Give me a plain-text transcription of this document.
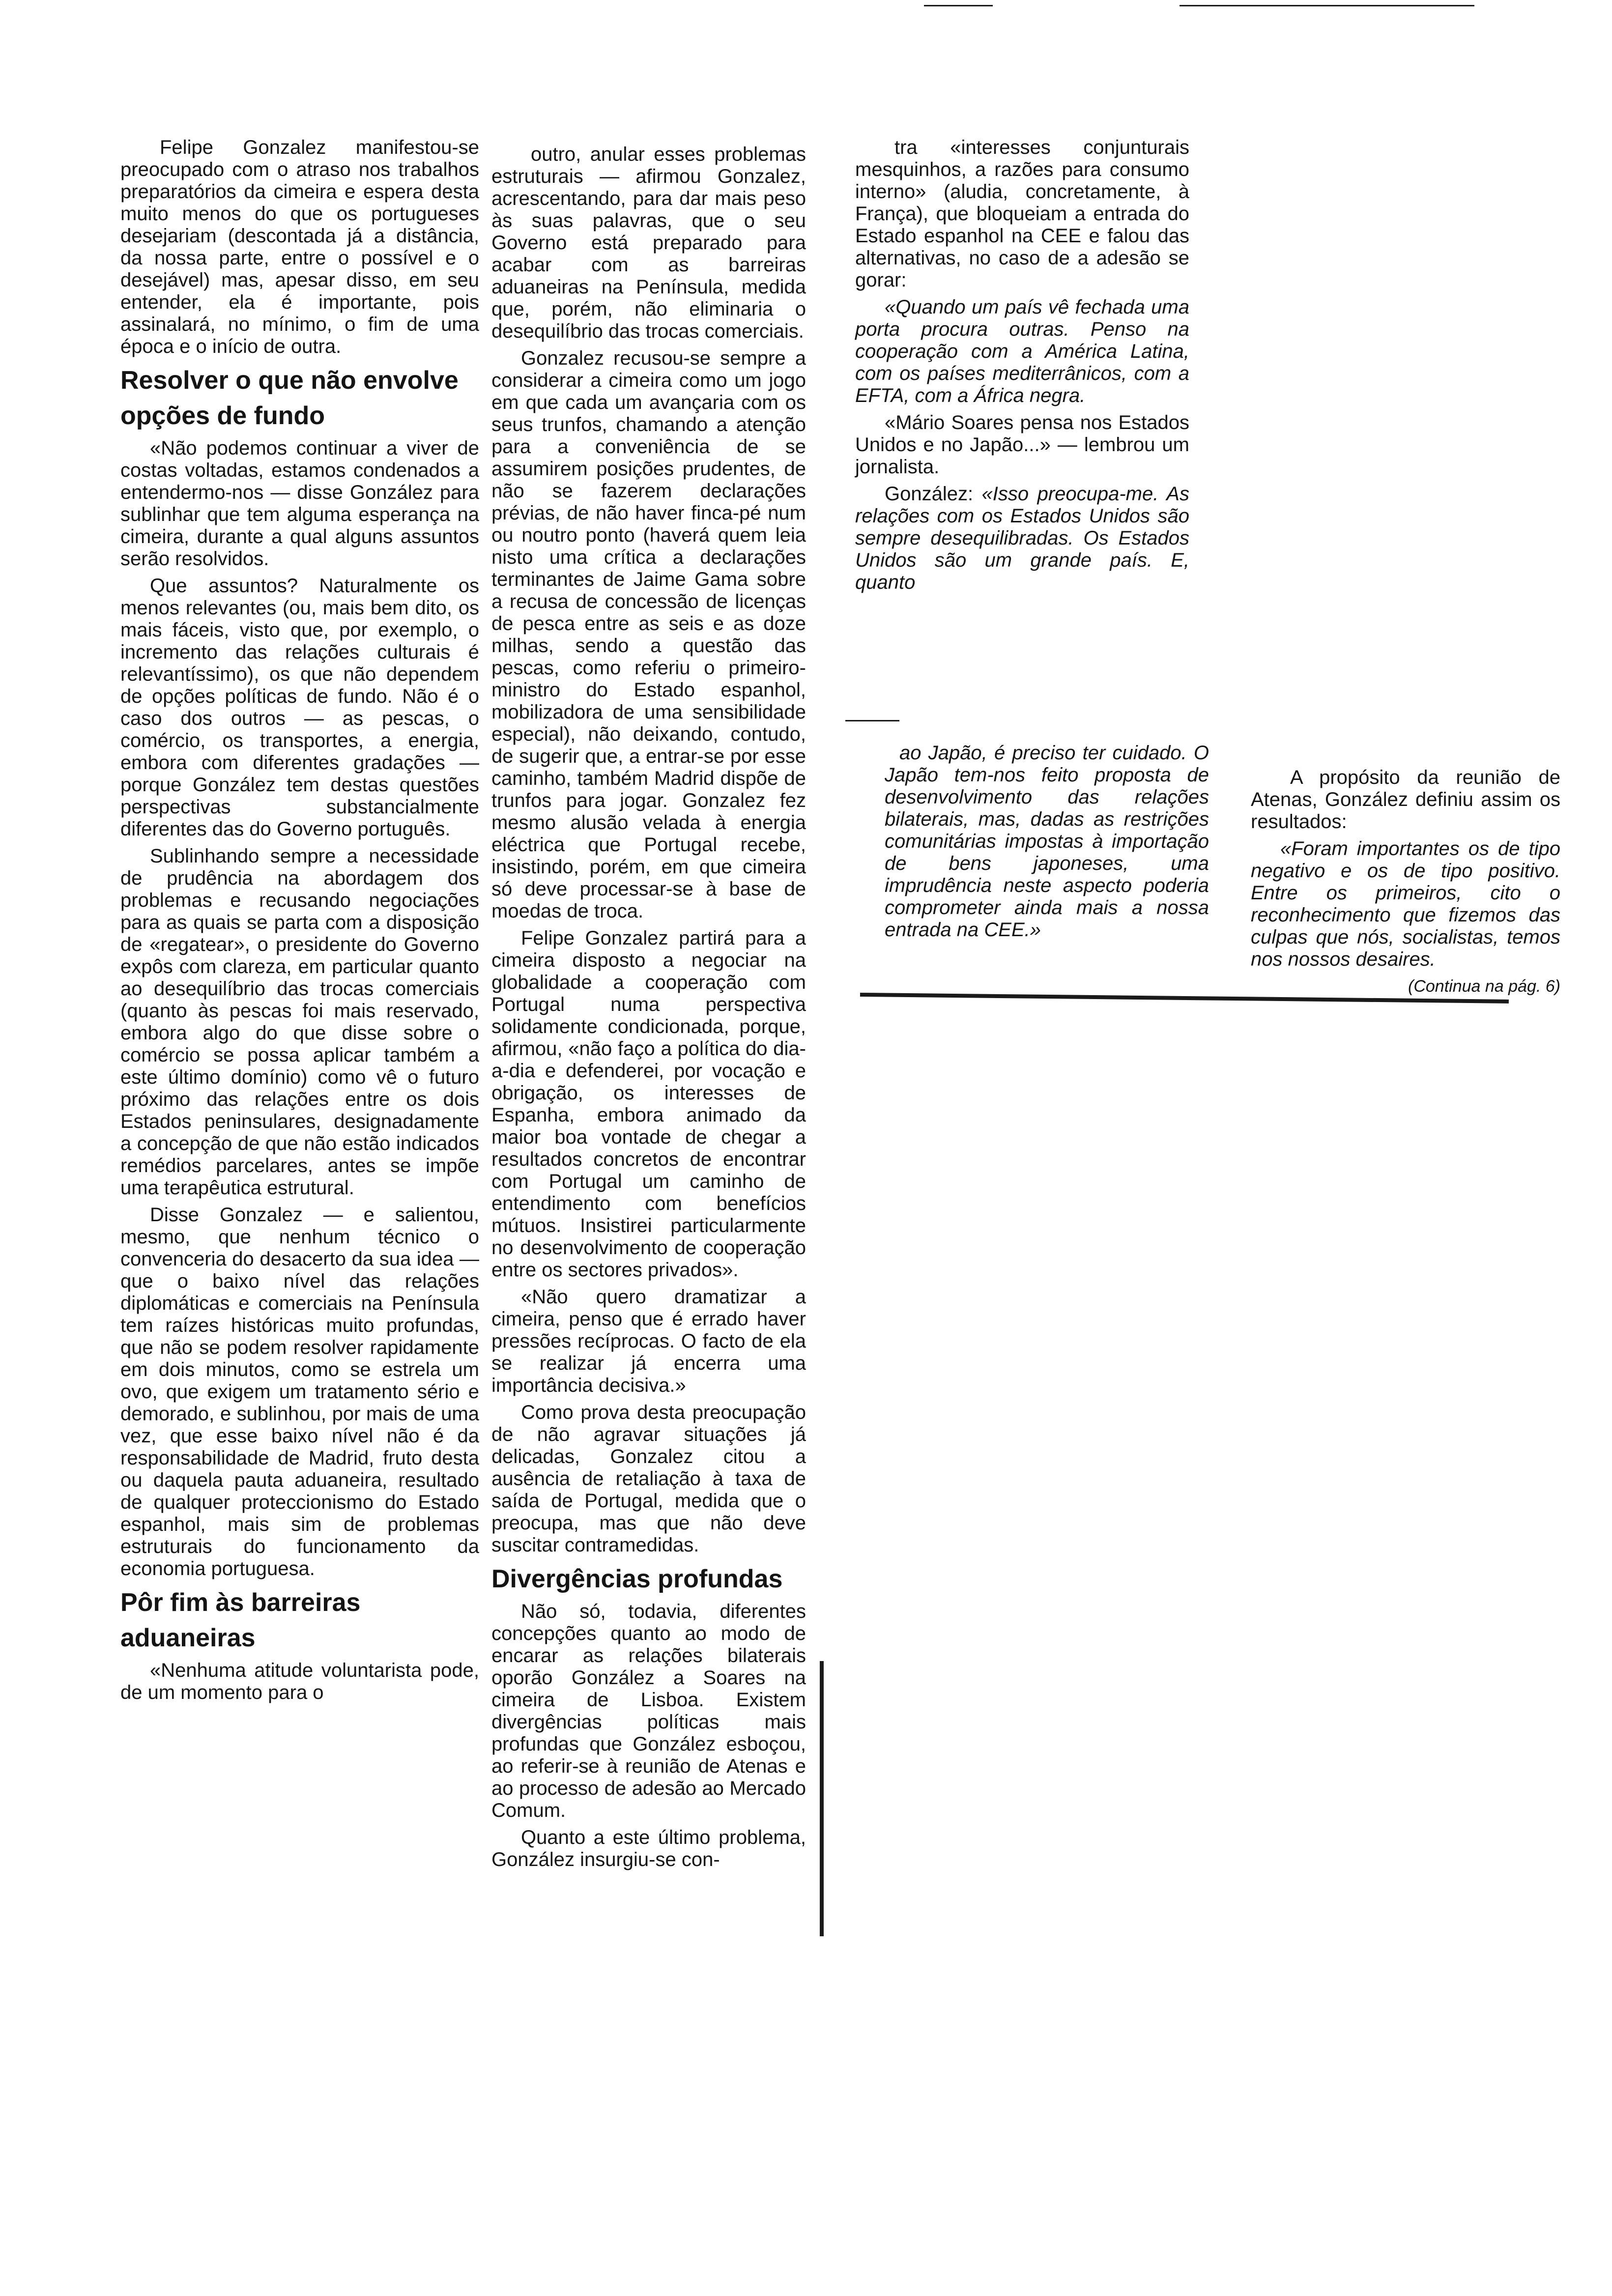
Felipe Gonzalez manifestou-se preocupado com o atraso nos trabalhos preparatórios da cimeira e espera desta muito menos do que os portugueses desejariam (descontada já a distância, da nossa parte, entre o possível e o desejável) mas, apesar disso, em seu entender, ela é importante, pois assinalará, no mínimo, o fim de uma época e o início de outra.

Resolver o que não envolve opções de fundo

«Não podemos continuar a viver de costas voltadas, estamos condenados a entendermo-nos — disse González para sublinhar que tem alguma esperança na cimeira, durante a qual alguns assuntos serão resolvidos.

Que assuntos? Naturalmente os menos relevantes (ou, mais bem dito, os mais fáceis, visto que, por exemplo, o incremento das relações culturais é relevantíssimo), os que não dependem de opções políticas de fundo. Não é o caso dos outros — as pescas, o comércio, os transportes, a energia, embora com diferentes gradações — porque González tem destas questões perspectivas substancialmente diferentes das do Governo português.

Sublinhando sempre a necessidade de prudência na abordagem dos problemas e recusando negociações para as quais se parta com a disposição de «regatear», o presidente do Governo expôs com clareza, em particular quanto ao desequilíbrio das trocas comerciais (quanto às pescas foi mais reservado, embora algo do que disse sobre o comércio se possa aplicar também a este último domínio) como vê o futuro próximo das relações entre os dois Estados peninsulares, designadamente a concepção de que não estão indicados remédios parcelares, antes se impõe uma terapêutica estrutural.

Disse Gonzalez — e salientou, mesmo, que nenhum técnico o convenceria do desacerto da sua idea — que o baixo nível das relações diplomáticas e comerciais na Península tem raízes históricas muito profundas, que não se podem resolver rapidamente em dois minutos, como se estrela um ovo, que exigem um tratamento sério e demorado, e sublinhou, por mais de uma vez, que esse baixo nível não é da responsabilidade de Madrid, fruto desta ou daquela pauta aduaneira, resultado de qualquer proteccionismo do Estado espanhol, mais sim de problemas estruturais do funcionamento da economia portuguesa.

Pôr fim às barreiras aduaneiras

«Nenhuma atitude voluntarista pode, de um momento para o

outro, anular esses problemas estruturais — afirmou Gonzalez, acrescentando, para dar mais peso às suas palavras, que o seu Governo está preparado para acabar com as barreiras aduaneiras na Península, medida que, porém, não eliminaria o desequilíbrio das trocas comerciais.

Gonzalez recusou-se sempre a considerar a cimeira como um jogo em que cada um avançaria com os seus trunfos, chamando a atenção para a conveniência de se assumirem posições prudentes, de não se fazerem declarações prévias, de não haver finca-pé num ou noutro ponto (haverá quem leia nisto uma crítica a declarações terminantes de Jaime Gama sobre a recusa de concessão de licenças de pesca entre as seis e as doze milhas, sendo a questão das pescas, como referiu o primeiro-ministro do Estado espanhol, mobilizadora de uma sensibilidade especial), não deixando, contudo, de sugerir que, a entrar-se por esse caminho, também Madrid dispõe de trunfos para jogar. Gonzalez fez mesmo alusão velada à energia eléctrica que Portugal recebe, insistindo, porém, em que cimeira só deve processar-se à base de moedas de troca.

Felipe Gonzalez partirá para a cimeira disposto a negociar na globalidade a cooperação com Portugal numa perspectiva solidamente condicionada, porque, afirmou, «não faço a política do dia-a-dia e defenderei, por vocação e obrigação, os interesses de Espanha, embora animado da maior boa vontade de chegar a resultados concretos de encontrar com Portugal um caminho de entendimento com benefícios mútuos. Insistirei particularmente no desenvolvimento de cooperação entre os sectores privados».

«Não quero dramatizar a cimeira, penso que é errado haver pressões recíprocas. O facto de ela se realizar já encerra uma importância decisiva.»

Como prova desta preocupação de não agravar situações já delicadas, Gonzalez citou a ausência de retaliação à taxa de saída de Portugal, medida que o preocupa, mas que não deve suscitar contramedidas.

Divergências profundas

Não só, todavia, diferentes concepções quanto ao modo de encarar as relações bilaterais oporão González a Soares na cimeira de Lisboa. Existem divergências políticas mais profundas que González esboçou, ao referir-se à reunião de Atenas e ao processo de adesão ao Mercado Comum.

Quanto a este último problema, González insurgiu-se con-

tra «interesses conjunturais mesquinhos, a razões para consumo interno» (aludia, concretamente, à França), que bloqueiam a entrada do Estado espanhol na CEE e falou das alternativas, no caso de a adesão se gorar:

«Quando um país vê fechada uma porta procura outras. Penso na cooperação com a América Latina, com os países mediterrânicos, com a EFTA, com a África negra.

«Mário Soares pensa nos Estados Unidos e no Japão...» — lembrou um jornalista.

González: «Isso preocupa-me. As relações com os Estados Unidos são sempre desequilibradas. Os Estados Unidos são um grande país. E, quanto

ao Japão, é preciso ter cuidado. O Japão tem-nos feito proposta de desenvolvimento das relações bilaterais, mas, dadas as restrições comunitárias impostas à importação de bens japoneses, uma imprudência neste aspecto poderia comprometer ainda mais a nossa entrada na CEE.»

A propósito da reunião de Atenas, González definiu assim os resultados:

«Foram importantes os de tipo negativo e os de tipo positivo. Entre os primeiros, cito o reconhecimento que fizemos das culpas que nós, socialistas, temos nos nossos desaires.

(Continua na pág. 6)
